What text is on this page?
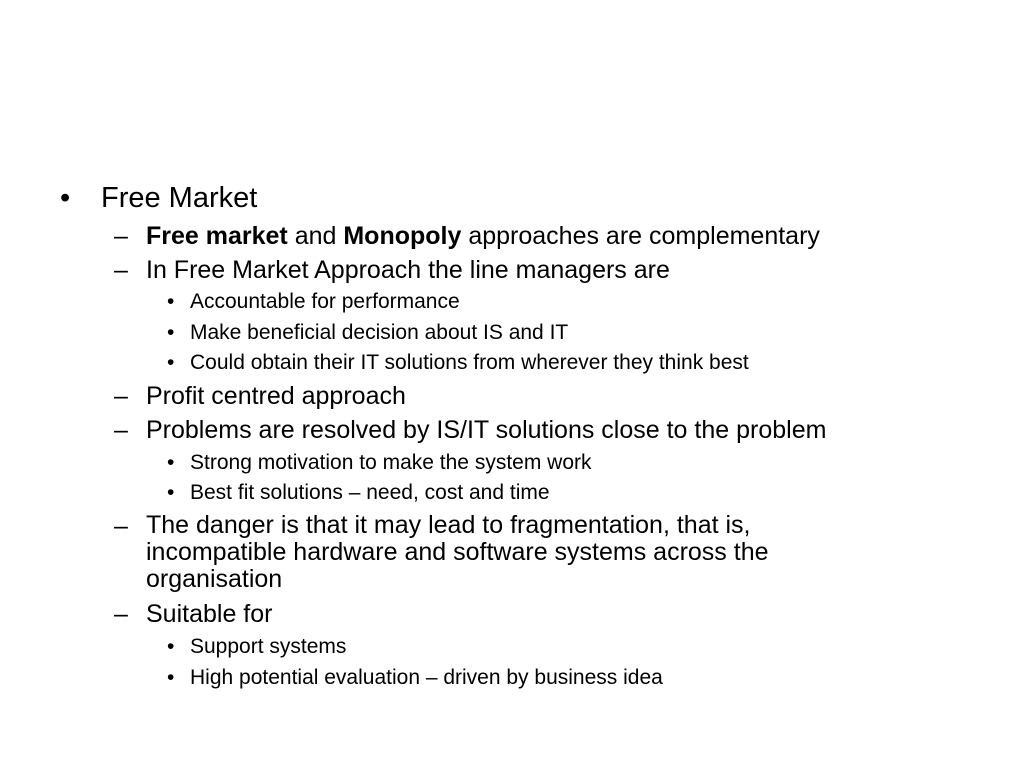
• Free Market
– Free market and Monopoly approaches are complementary
– In Free Market Approach the line managers are
• Accountable for performance
• Make beneficial decision about IS and IT
• Could obtain their IT solutions from wherever they think best
– Profit centred approach
– Problems are resolved by IS/IT solutions close to the problem
• Strong motivation to make the system work
• Best fit solutions – need, cost and time
– The danger is that it may lead to fragmentation, that is,
incompatible hardware and software systems across the
organisation
– Suitable for
• Support systems
• High potential evaluation – driven by business idea
